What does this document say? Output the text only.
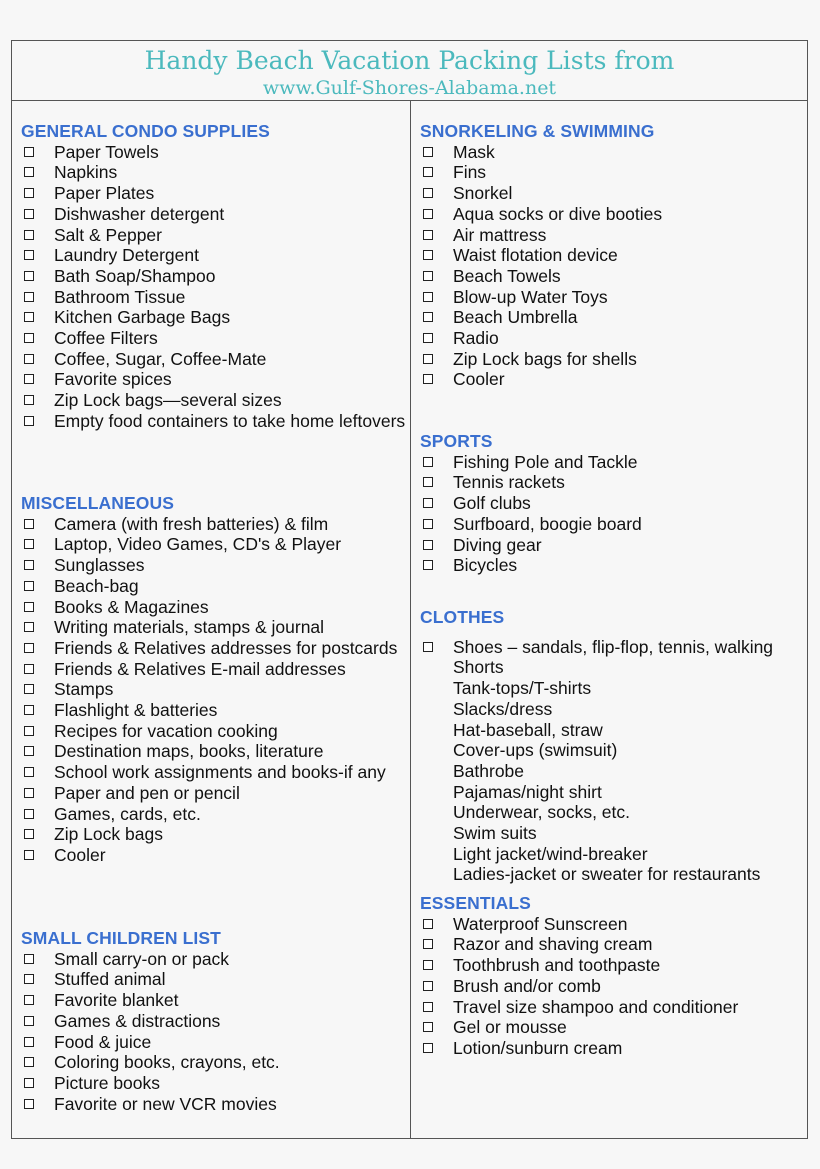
Handy Beach Vacation Packing Lists from
www.Gulf-Shores-Alabama.net
GENERAL CONDO SUPPLIES
Paper Towels
Napkins
Paper Plates
Dishwasher detergent
Salt & Pepper
Laundry Detergent
Bath Soap/Shampoo
Bathroom Tissue
Kitchen Garbage Bags
Coffee Filters
Coffee, Sugar, Coffee-Mate
Favorite spices
Zip Lock bags—several sizes
Empty food containers to take home leftovers
MISCELLANEOUS
Camera (with fresh batteries) & film
Laptop, Video Games, CD's & Player
Sunglasses
Beach-bag
Books & Magazines
Writing materials, stamps & journal
Friends & Relatives addresses for postcards
Friends & Relatives E-mail addresses
Stamps
Flashlight & batteries
Recipes for vacation cooking
Destination maps, books, literature
School work assignments and books-if any
Paper and pen or pencil
Games, cards, etc.
Zip Lock bags
Cooler
SMALL CHILDREN LIST
Small carry-on or pack
Stuffed animal
Favorite blanket
Games & distractions
Food & juice
Coloring books, crayons, etc.
Picture books
Favorite or new VCR movies
SNORKELING & SWIMMING
Mask
Fins
Snorkel
Aqua socks or dive booties
Air mattress
Waist flotation device
Beach Towels
Blow-up Water Toys
Beach Umbrella
Radio
Zip Lock bags for shells
Cooler
SPORTS
Fishing Pole and Tackle
Tennis rackets
Golf clubs
Surfboard, boogie board
Diving gear
Bicycles
CLOTHES
Shoes – sandals, flip-flop, tennis, walking
Shorts
Tank-tops/T-shirts
Slacks/dress
Hat-baseball, straw
Cover-ups (swimsuit)
Bathrobe
Pajamas/night shirt
Underwear, socks, etc.
Swim suits
Light jacket/wind-breaker
Ladies-jacket or sweater for restaurants
ESSENTIALS
Waterproof Sunscreen
Razor and shaving cream
Toothbrush and toothpaste
Brush and/or comb
Travel size shampoo and conditioner
Gel or mousse
Lotion/sunburn cream
